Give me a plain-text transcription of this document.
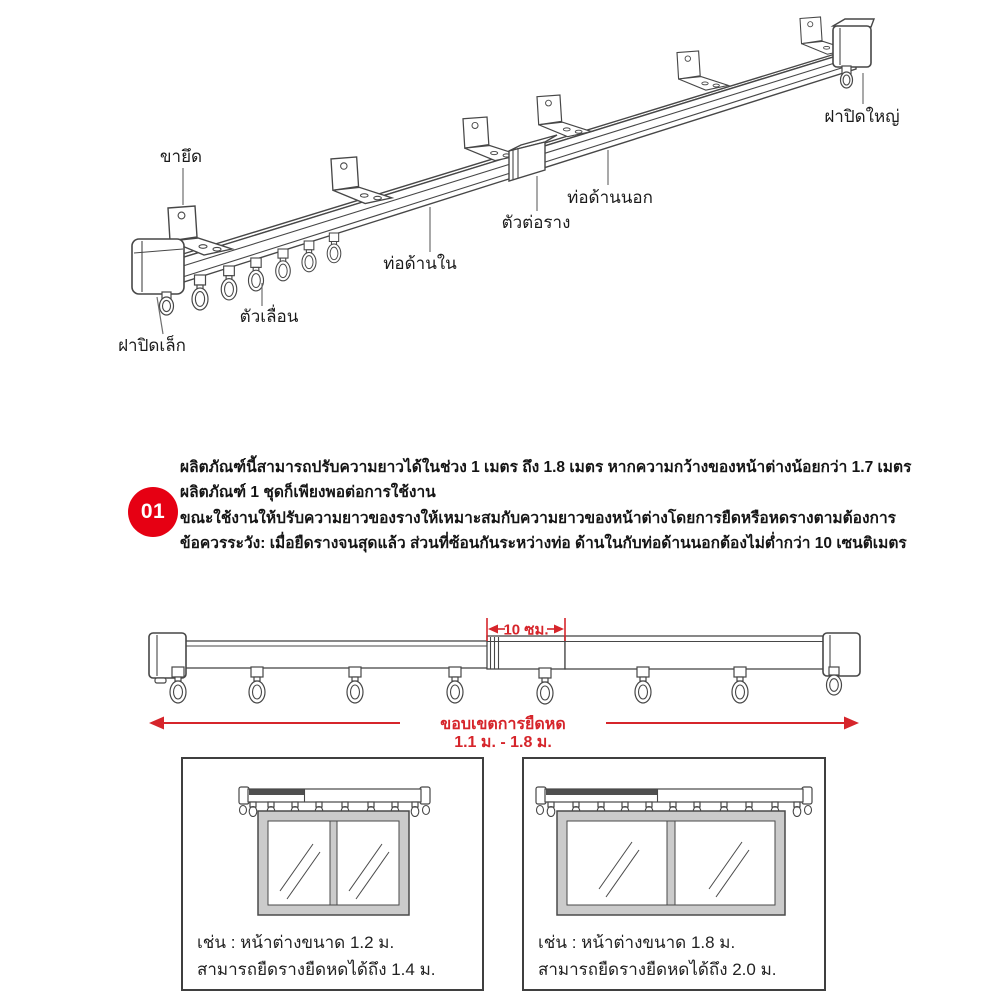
ขายึด
ฝาปิดเล็ก
ตัวเลื่อน
ท่อด้านใน
ตัวต่อราง
ท่อด้านนอก
ฝาปิดใหญ่
01
ผลิตภัณฑ์นี้สามารถปรับความยาวได้ในช่วง 1 เมตร ถึง 1.8 เมตร หากความกว้างของหน้าต่างน้อยกว่า 1.7 เมตร
ผลิตภัณฑ์ 1 ชุดก็เพียงพอต่อการใช้งาน
ขณะใช้งานให้ปรับความยาวของรางให้เหมาะสมกับความยาวของหน้าต่างโดยการยืดหรือหดรางตามต้องการ
ข้อควรระวัง: เมื่อยืดรางจนสุดแล้ว ส่วนที่ซ้อนกันระหว่างท่อ ด้านในกับท่อด้านนอกต้องไม่ต่ำกว่า 10 เซนติเมตร
10 ซม.
ขอบเขตการยืดหด
1.1 ม. - 1.8 ม.
เช่น : หน้าต่างขนาด 1.2 ม.
สามารถยืดรางยืดหดได้ถึง 1.4 ม.
เช่น : หน้าต่างขนาด 1.8 ม.
สามารถยืดรางยืดหดได้ถึง 2.0 ม.
